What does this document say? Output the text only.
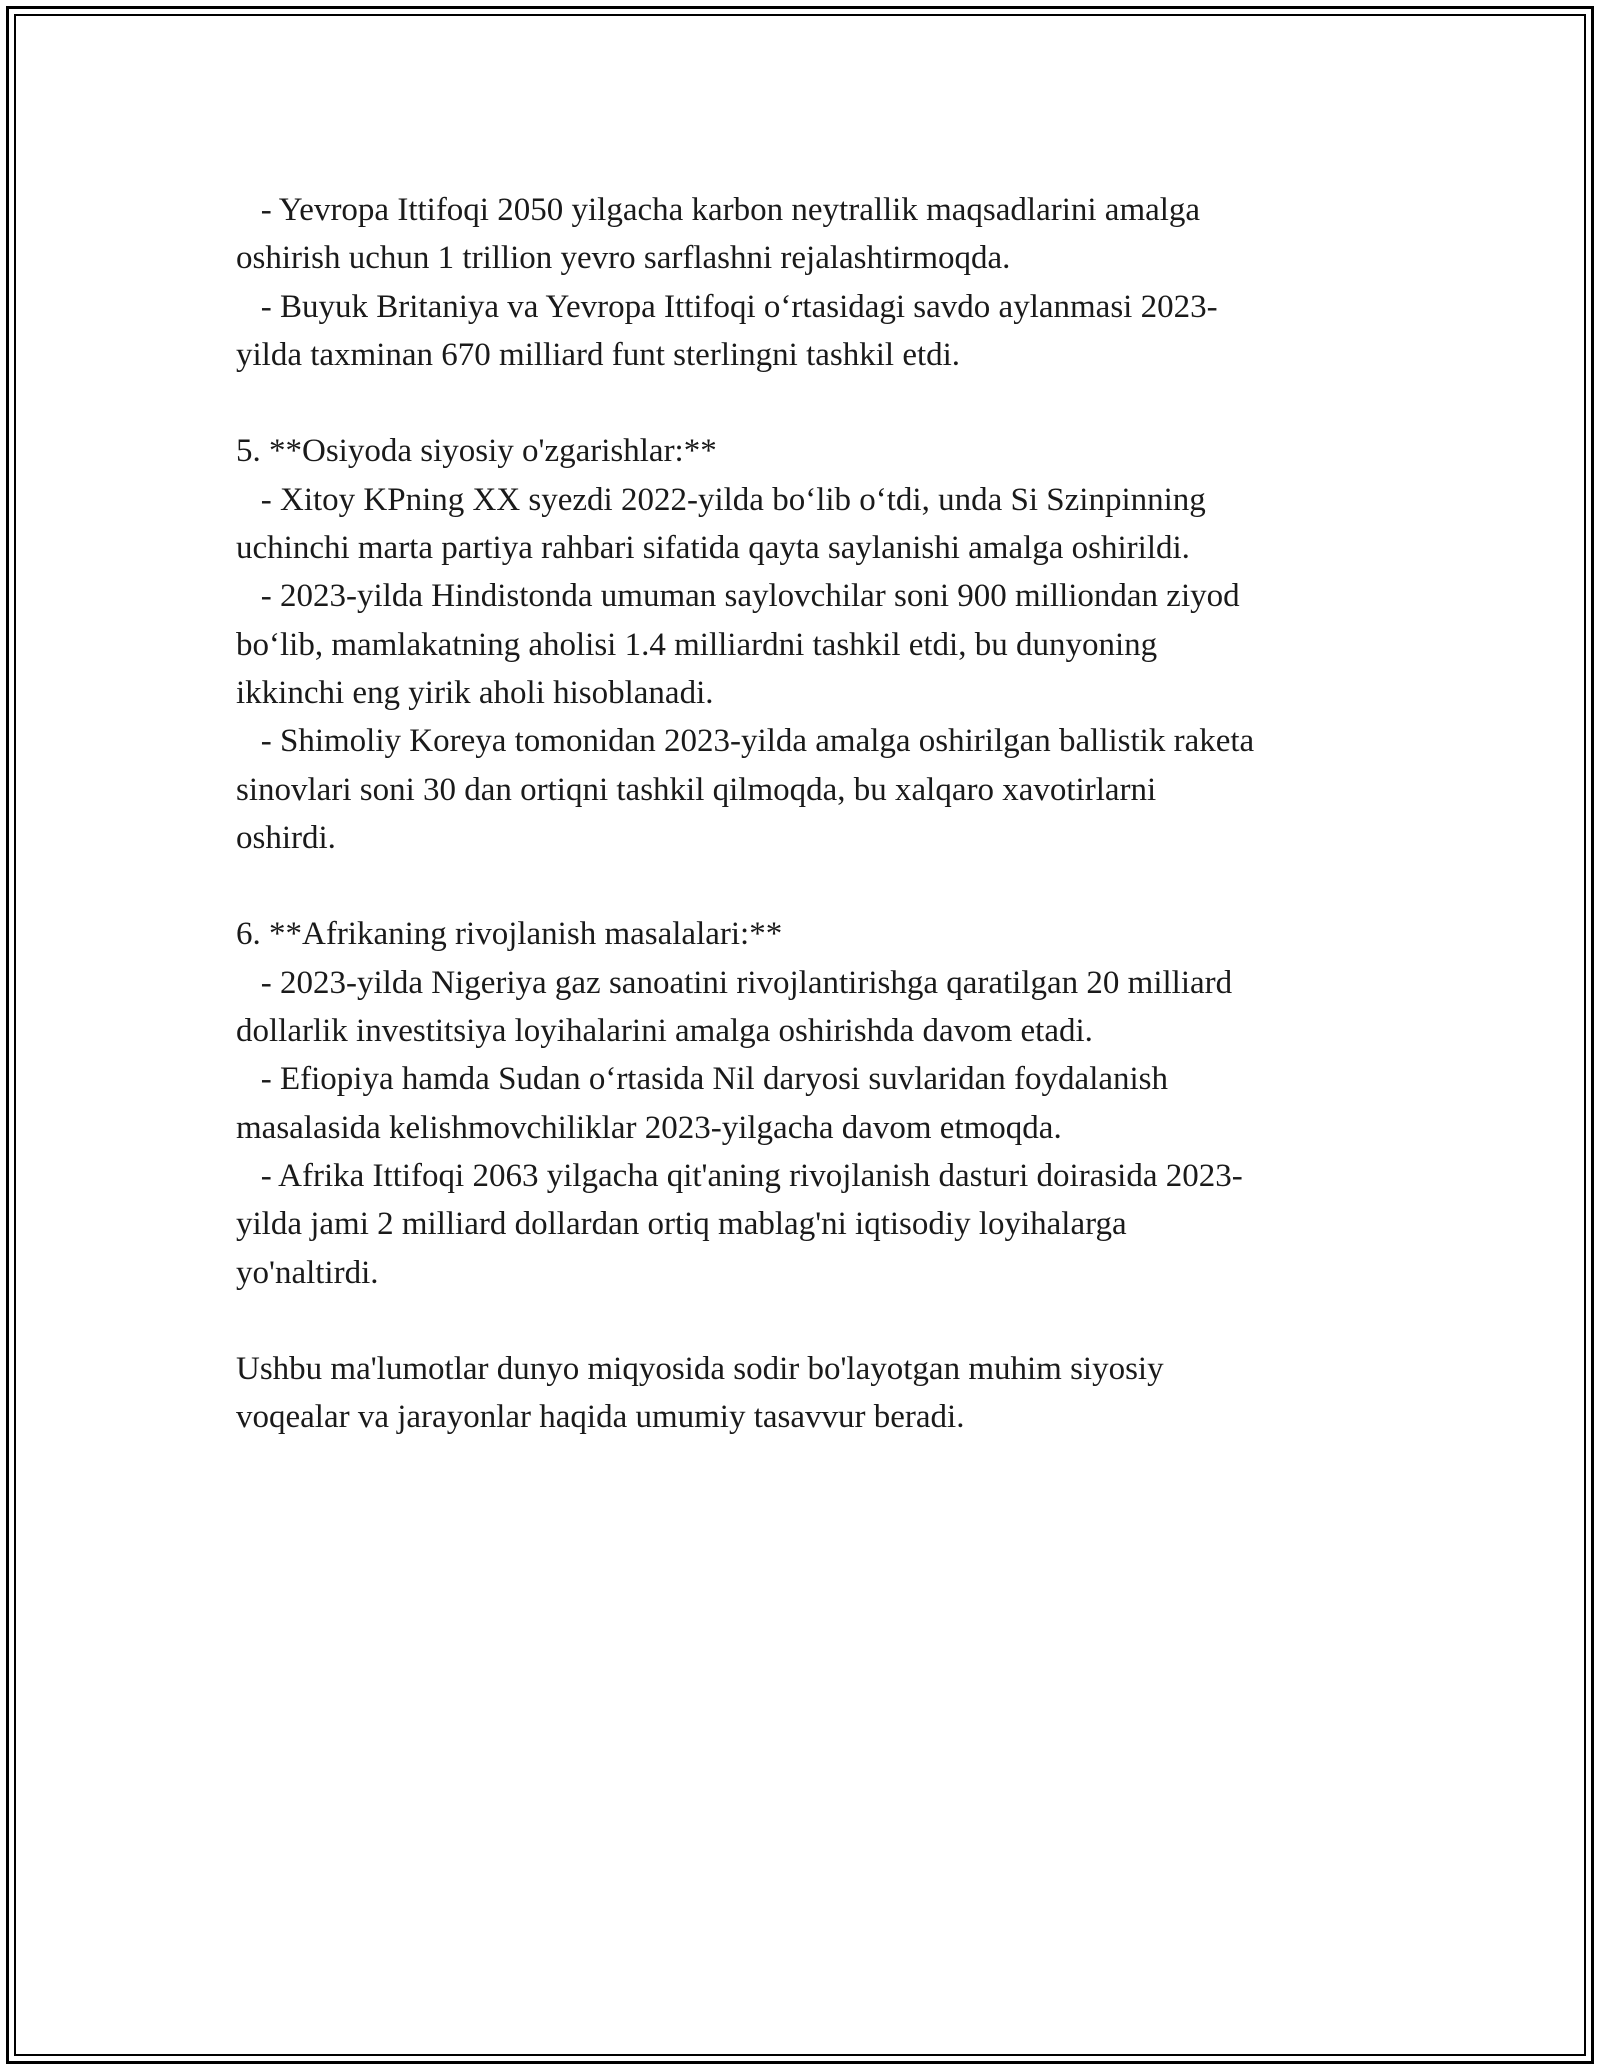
- Yevropa Ittifoqi 2050 yilgacha karbon neytrallik maqsadlarini amalga
oshirish uchun 1 trillion yevro sarflashni rejalashtirmoqda.
- Buyuk Britaniya va Yevropa Ittifoqi o‘rtasidagi savdo aylanmasi 2023-
yilda taxminan 670 milliard funt sterlingni tashkil etdi.
5. **Osiyoda siyosiy o'zgarishlar:**
- Xitoy KPning XX syezdi 2022-yilda bo‘lib o‘tdi, unda Si Szinpinning
uchinchi marta partiya rahbari sifatida qayta saylanishi amalga oshirildi.
- 2023-yilda Hindistonda umuman saylovchilar soni 900 milliondan ziyod
bo‘lib, mamlakatning aholisi 1.4 milliardni tashkil etdi, bu dunyoning
ikkinchi eng yirik aholi hisoblanadi.
- Shimoliy Koreya tomonidan 2023-yilda amalga oshirilgan ballistik raketa
sinovlari soni 30 dan ortiqni tashkil qilmoqda, bu xalqaro xavotirlarni
oshirdi.
6. **Afrikaning rivojlanish masalalari:**
- 2023-yilda Nigeriya gaz sanoatini rivojlantirishga qaratilgan 20 milliard
dollarlik investitsiya loyihalarini amalga oshirishda davom etadi.
- Efiopiya hamda Sudan o‘rtasida Nil daryosi suvlaridan foydalanish
masalasida kelishmovchiliklar 2023-yilgacha davom etmoqda.
- Afrika Ittifoqi 2063 yilgacha qit'aning rivojlanish dasturi doirasida 2023-
yilda jami 2 milliard dollardan ortiq mablag'ni iqtisodiy loyihalarga
yo'naltirdi.
Ushbu ma'lumotlar dunyo miqyosida sodir bo'layotgan muhim siyosiy
voqealar va jarayonlar haqida umumiy tasavvur beradi.
